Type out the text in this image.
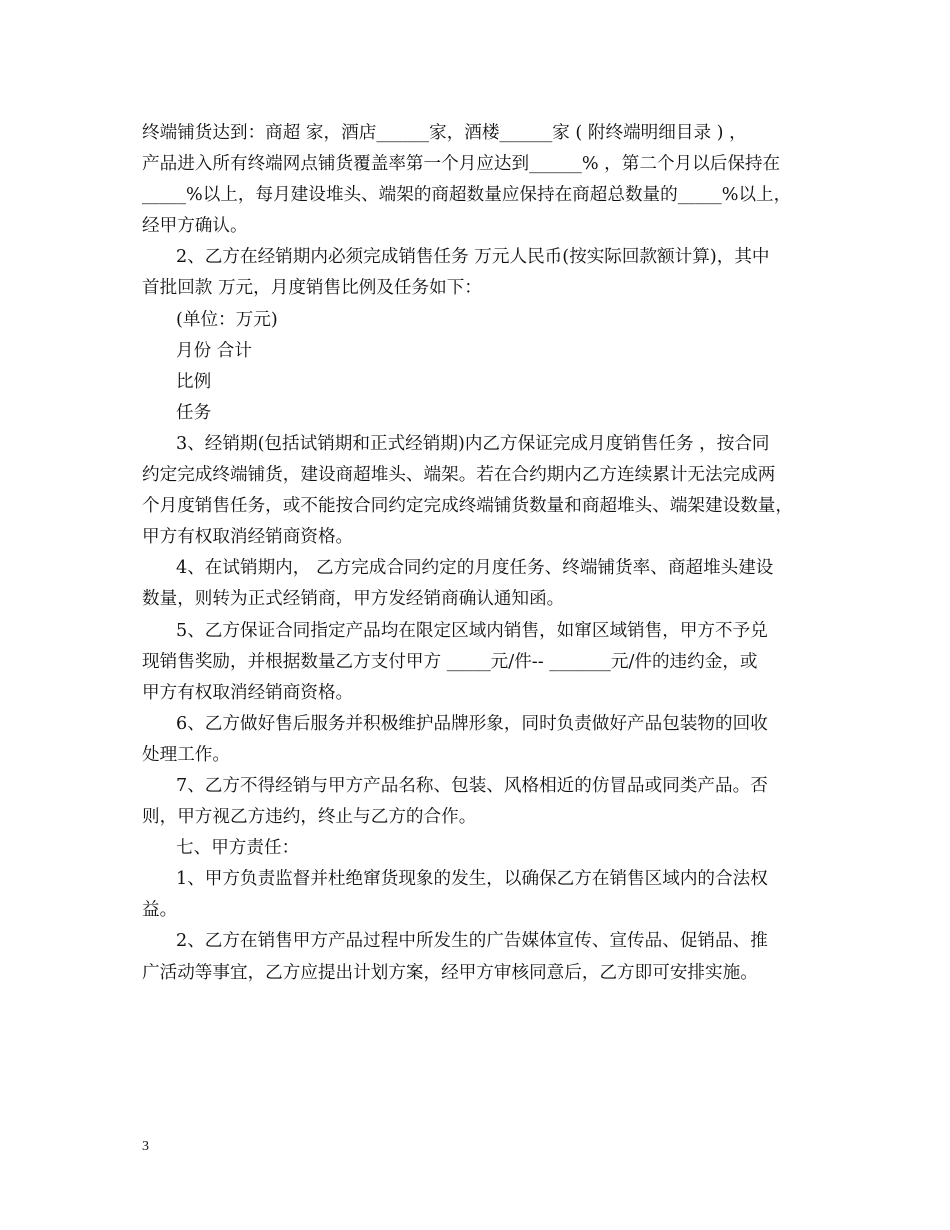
终端铺货达到：商超 家，酒店______家，酒楼______家 ( 附终端明细目录 ) ，
产品进入所有终端网点铺货覆盖率第一个月应达到______% ，第二个月以后保持在
_____%以上，每月建设堆头、端架的商超数量应保持在商超总数量的_____%以上，
经甲方确认。
2、乙方在经销期内必须完成销售任务 万元人民币(按实际回款额计算)，其中
首批回款 万元，月度销售比例及任务如下：
(单位：万元)
月份 合计
比例
任务
3、经销期(包括试销期和正式经销期)内乙方保证完成月度销售任务 ，按合同
约定完成终端铺货，建设商超堆头、端架。若在合约期内乙方连续累计无法完成两
个月度销售任务，或不能按合同约定完成终端铺货数量和商超堆头、端架建设数量，
甲方有权取消经销商资格。
4、在试销期内， 乙方完成合同约定的月度任务、终端铺货率、商超堆头建设
数量，则转为正式经销商，甲方发经销商确认通知函。
5、乙方保证合同指定产品均在限定区域内销售，如窜区域销售，甲方不予兑
现销售奖励，并根据数量乙方支付甲方 _____元/件-- _______元/件的违约金，或
甲方有权取消经销商资格。
6、乙方做好售后服务并积极维护品牌形象，同时负责做好产品包装物的回收
处理工作。
7、乙方不得经销与甲方产品名称、包装、风格相近的仿冒品或同类产品。否
则，甲方视乙方违约，终止与乙方的合作。
七、甲方责任：
1、甲方负责监督并杜绝窜货现象的发生，以确保乙方在销售区域内的合法权
益。
2、乙方在销售甲方产品过程中所发生的广告媒体宣传、宣传品、促销品、推
广活动等事宜，乙方应提出计划方案，经甲方审核同意后，乙方即可安排实施。
3
